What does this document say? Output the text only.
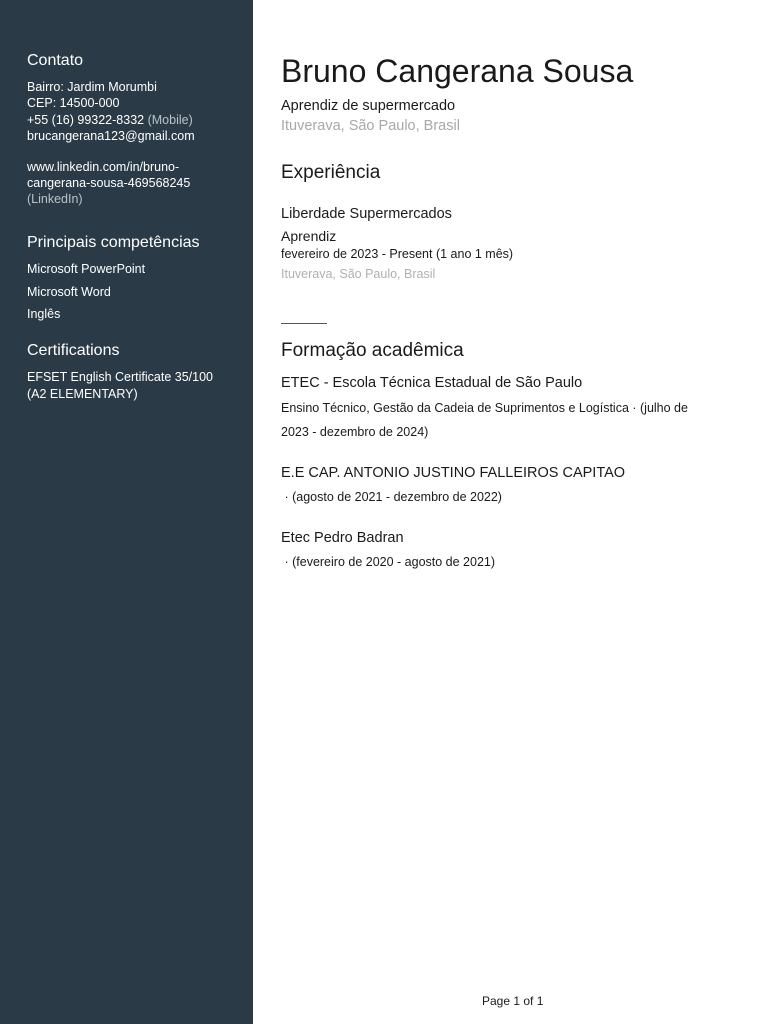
Contato
Bairro: Jardim Morumbi
CEP: 14500-000
+55 (16) 99322-8332 (Mobile)
brucangerana123@gmail.com
www.linkedin.com/in/bruno-
cangerana-sousa-469568245
(LinkedIn)
Principais competências
Microsoft PowerPoint
Microsoft Word
Inglês
Certifications
EFSET English Certificate 35/100
(A2 ELEMENTARY)
Bruno Cangerana Sousa
Aprendiz de supermercado
Ituverava, São Paulo, Brasil
Experiência
Liberdade Supermercados
Aprendiz
fevereiro de 2023 - Present (1 ano 1 mês)
Ituverava, São Paulo, Brasil
Formação acadêmica
ETEC - Escola Técnica Estadual de São Paulo
Ensino Técnico, Gestão da Cadeia de Suprimentos e Logística · (julho de
2023 - dezembro de 2024)
E.E CAP. ANTONIO JUSTINO FALLEIROS CAPITAO
· (agosto de 2021 - dezembro de 2022)
Etec Pedro Badran
· (fevereiro de 2020 - agosto de 2021)
Page 1 of 1
